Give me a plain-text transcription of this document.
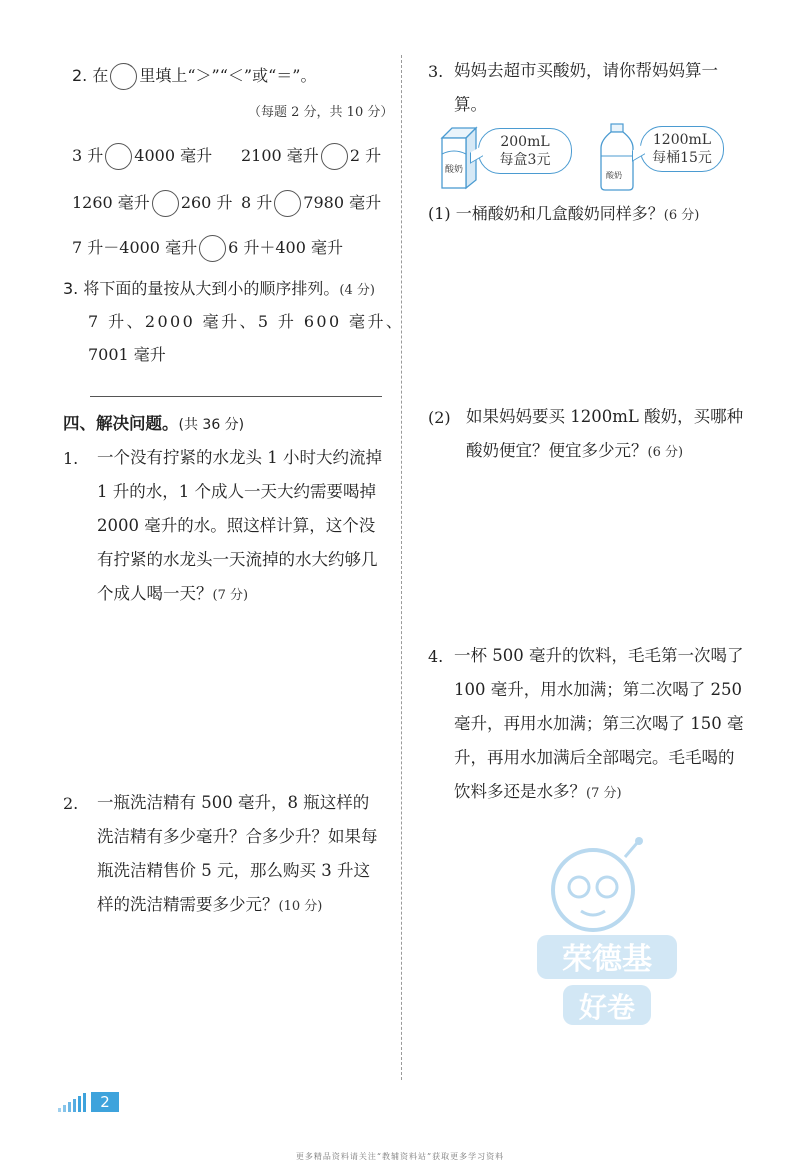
2. 在 里填上“＞”“＜”或“＝”。
（每题 2 分，共 10 分）
3 升 4000 毫升 2100 毫升 2 升
1260 毫升 260 升 8 升 7980 毫升
7 升－4000 毫升 6 升＋400 毫升
3. 将下面的量按从大到小的顺序排列。(4 分)
7 升、2000 毫升、5 升 600 毫升、
7001 毫升
四、解决问题。(共 36 分)
1. 一个没有拧紧的水龙头 1 小时大约流掉 1 升的水，1 个成人一天大约需要喝掉 2000 毫升的水。照这样计算，这个没有拧紧的水龙头一天流掉的水大约够几个成人喝一天？(7 分)
2. 一瓶洗洁精有 500 毫升，8 瓶这样的洗洁精有多少毫升？合多少升？如果每瓶洗洁精售价 5 元，那么购买 3 升这样的洗洁精需要多少元？(10 分)
3. 妈妈去超市买酸奶，请你帮妈妈算一算。
酸奶
200mL
每盒3元
酸奶
1200mL
每桶15元
(1) 一桶酸奶和几盒酸奶同样多？(6 分)
(2) 如果妈妈要买 1200mL 酸奶，买哪种酸奶便宜？便宜多少元？(6 分)
4. 一杯 500 毫升的饮料，毛毛第一次喝了 100 毫升，用水加满；第二次喝了 250 毫升，再用水加满；第三次喝了 150 毫升，再用水加满后全部喝完。毛毛喝的饮料多还是水多？(7 分)
荣德基
好卷
2
更多精品资料请关注“教辅资料站”获取更多学习资料
